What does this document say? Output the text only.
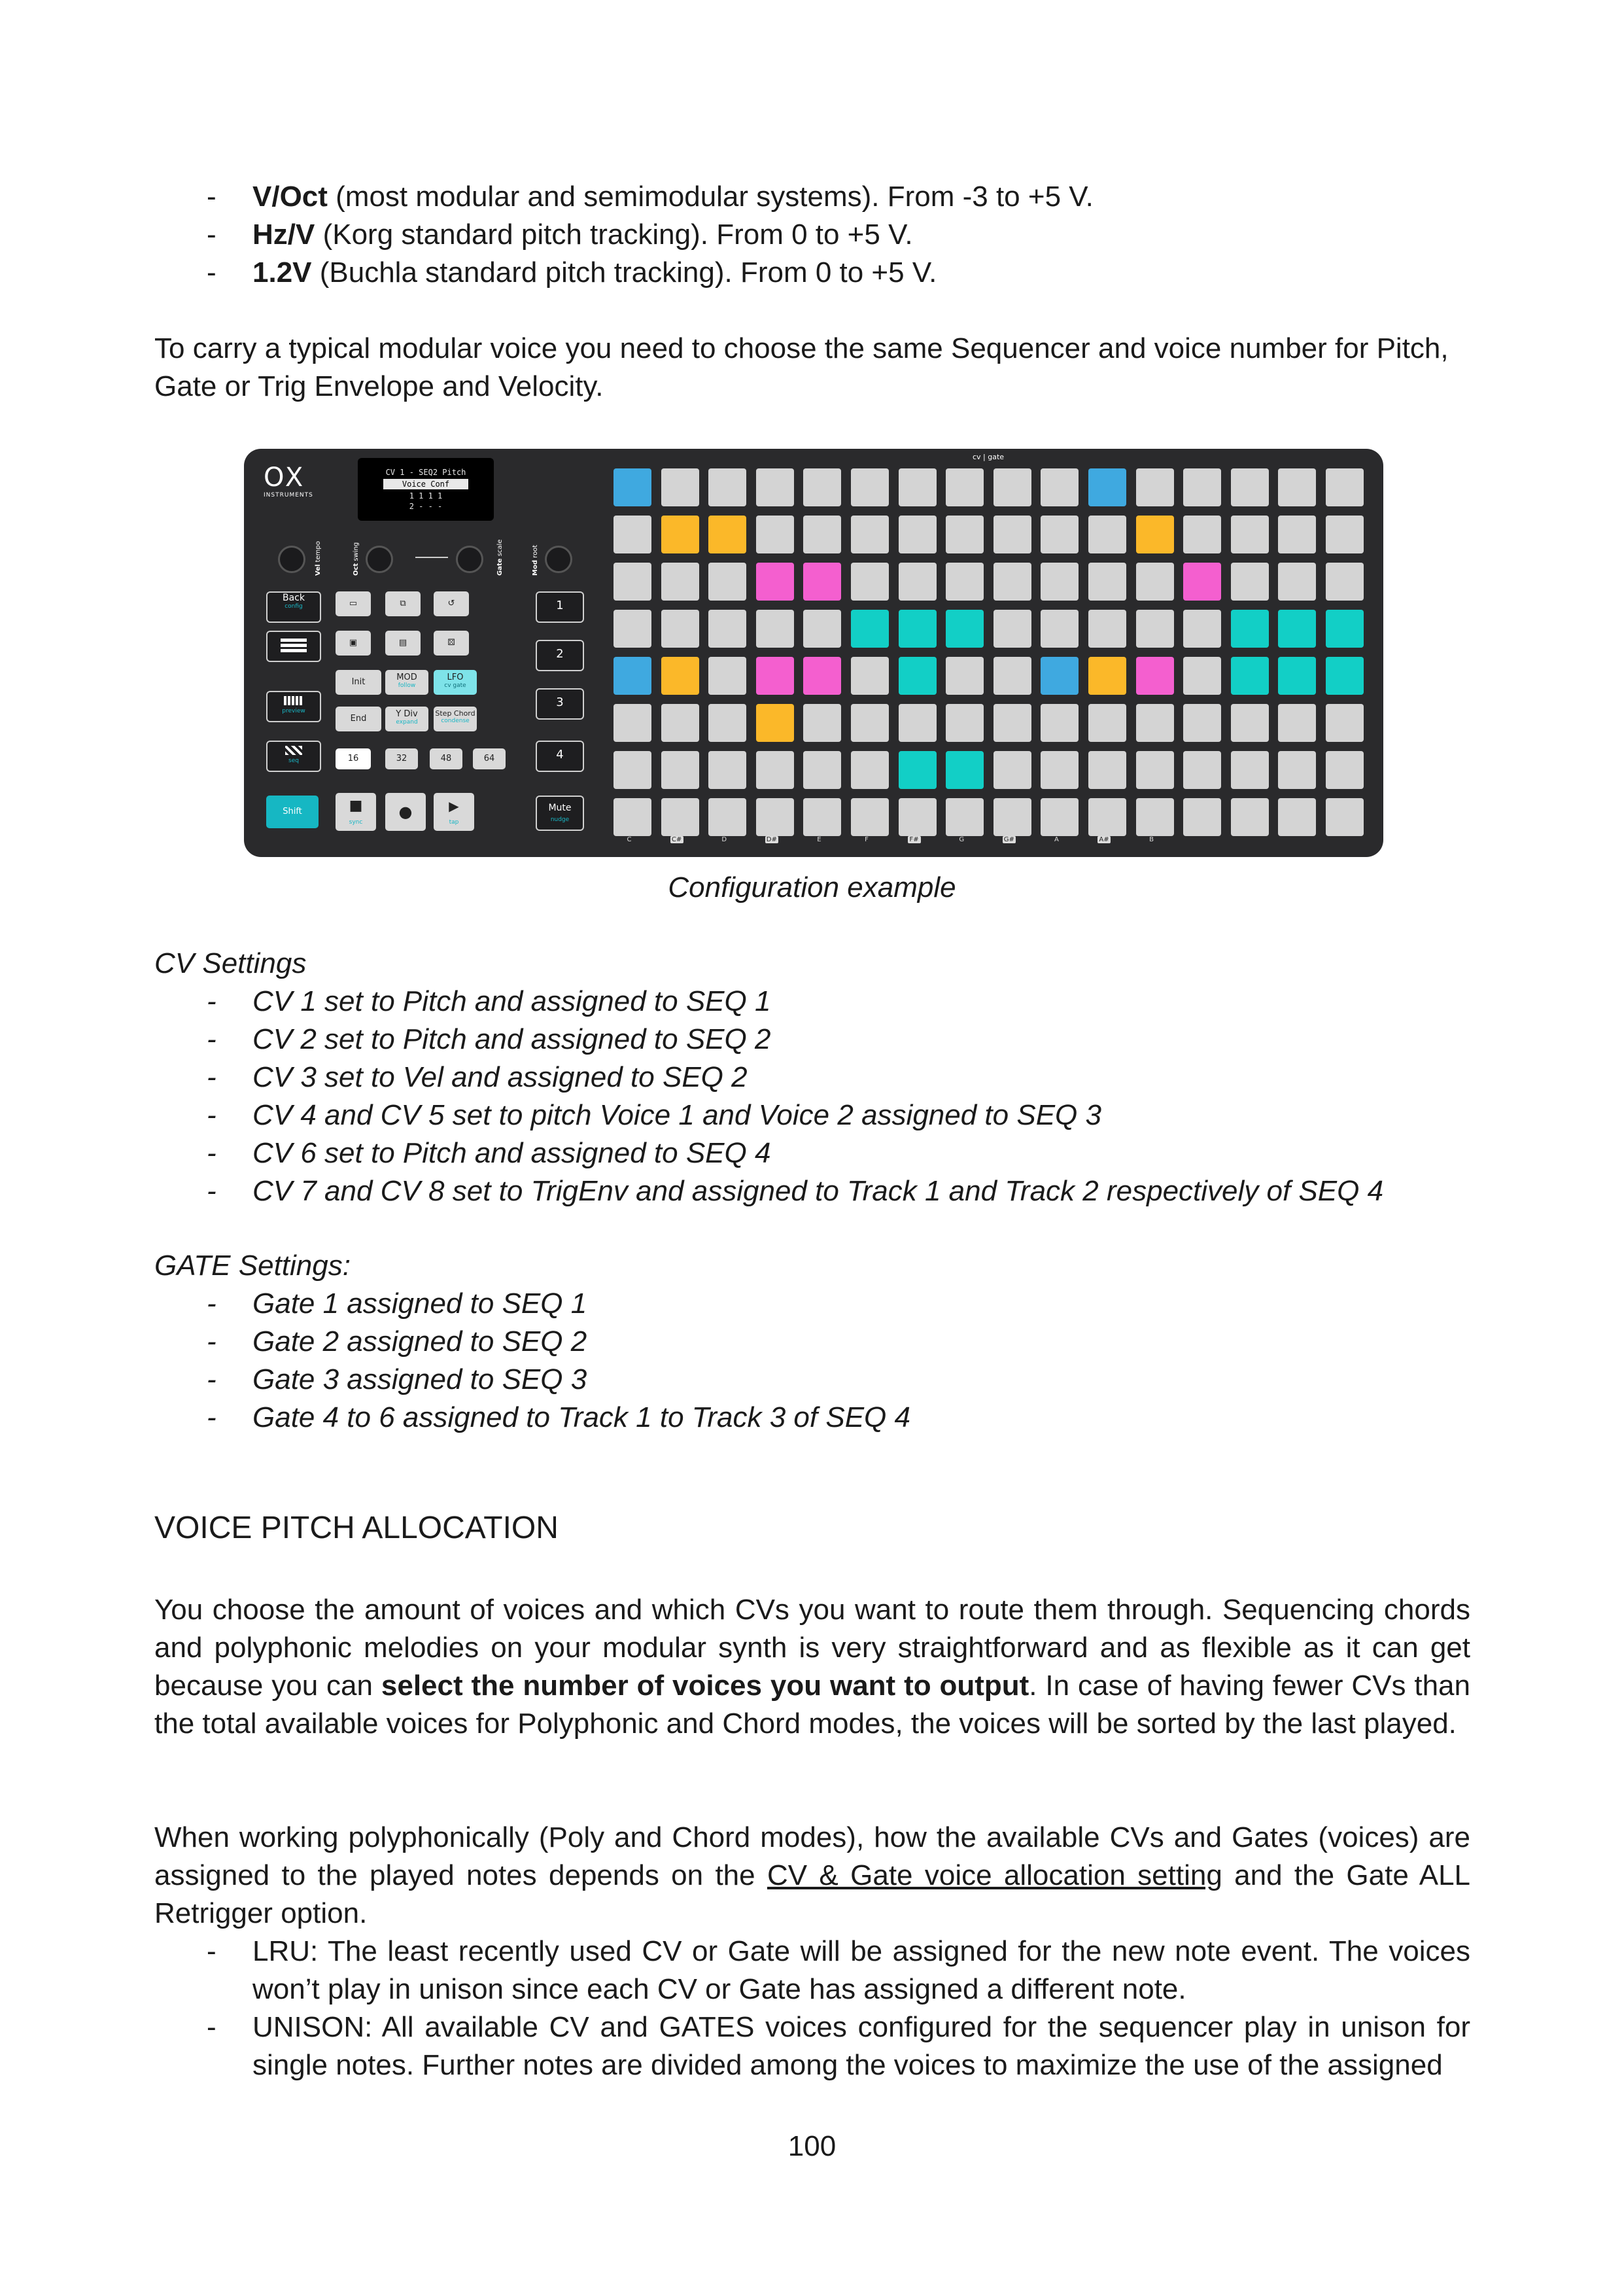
- V/Oct (most modular and semimodular systems). From -3 to +5 V.
- Hz/V (Korg standard pitch tracking). From 0 to +5 V.
- 1.2V (Buchla standard pitch tracking). From 0 to +5 V.
To carry a typical modular voice you need to choose the same Sequencer and voice number for Pitch, Gate or Trig Envelope and Velocity.
OX
INSTRUMENTS
CV 1 - SEQ2 Pitch
Voice Conf
1 1 1 1
2 - - -
Vel tempo
Oct swing
Gate scale
Mod root
Back
config
preview
seq
Shift
▭	⧉	↺
▣	▤	⚄
Init	MOD
follow
LFO
cv gate
End	Y Div
expand
Step Chord
condense
16	32	48	64
■
sync
●	▶
tap
1
2
3
4
Mute
nudge
cv | gate
C	C#	D	D#	E	F	F#	G	G#	A	A#	B
Configuration example
CV Settings
- CV 1 set to Pitch and assigned to SEQ 1
- CV 2 set to Pitch and assigned to SEQ 2
- CV 3 set to Vel and assigned to SEQ 2
- CV 4 and CV 5 set to pitch Voice 1 and Voice 2 assigned to SEQ 3
- CV 6 set to Pitch and assigned to SEQ 4
- CV 7 and CV 8 set to TrigEnv and assigned to Track 1 and Track 2 respectively of SEQ 4
GATE Settings:
- Gate 1 assigned to SEQ 1
- Gate 2 assigned to SEQ 2
- Gate 3 assigned to SEQ 3
- Gate 4 to 6 assigned to Track 1 to Track 3 of SEQ 4
VOICE PITCH ALLOCATION
You choose the amount of voices and which CVs you want to route them through. Sequencing chords and polyphonic melodies on your modular synth is very straightforward and as flexible as it can get because you can select the number of voices you want to output. In case of having fewer CVs than the total available voices for Polyphonic and Chord modes, the voices will be sorted by the last played.
When working polyphonically (Poly and Chord modes), how the available CVs and Gates (voices) are assigned to the played notes depends on the CV & Gate voice allocation setting and the Gate ALL Retrigger option.
- LRU: The least recently used CV or Gate will be assigned for the new note event. The voices won’t play in unison since each CV or Gate has assigned a different note.
- UNISON: All available CV and GATES voices configured for the sequencer play in unison for single notes. Further notes are divided among the voices to maximize the use of the assigned
100
